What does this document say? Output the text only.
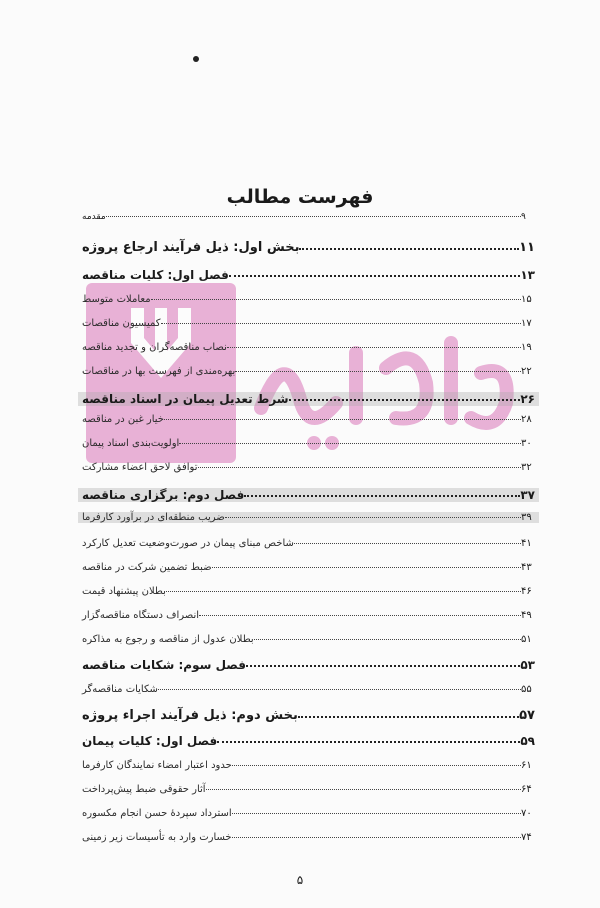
فهرست مطالب
مقدمه	۹
بخش اول: ذیل فرآیند ارجاع پروژه	۱۱
فصل اول: کلیات مناقصه	۱۳
معاملات متوسط	۱۵
کمیسیون مناقصات	۱۷
نصاب مناقصه‌گران و تجدید مناقصه	۱۹
بهره‌مندی از فهرست بها در مناقصات	۲۲
شرط تعدیل پیمان در اسناد مناقصه	۲۶
خیار غبن در مناقصه	۲۸
اولویت‌بندی اسناد پیمان	۳۰
توافق لاحق اعضاء مشارکت	۳۲
فصل دوم: برگزاری مناقصه	۳۷
ضریب منطقه‌ای در برآورد کارفرما	۳۹
شاخص مبنای پیمان در صورت‌وضعیت تعدیل کارکرد	۴۱
ضبط تضمین شرکت در مناقصه	۴۳
بطلان پیشنهاد قیمت	۴۶
انصراف دستگاه مناقصه‌گزار	۴۹
بطلان عدول از مناقصه و رجوع به مذاکره	۵۱
فصل سوم: شکایات مناقصه	۵۳
شکایات مناقصه‌گر	۵۵
بخش دوم: ذیل فرآیند اجراء پروژه	۵۷
فصل اول: کلیات پیمان	۵۹
حدود اعتبار امضاء نمایندگان کارفرما	۶۱
آثار حقوقی ضبط پیش‌پرداخت	۶۴
استرداد سپردهٔ حسن انجام مکسوره	۷۰
خسارت وارد به تأسیسات زیر زمینی	۷۴
۵
